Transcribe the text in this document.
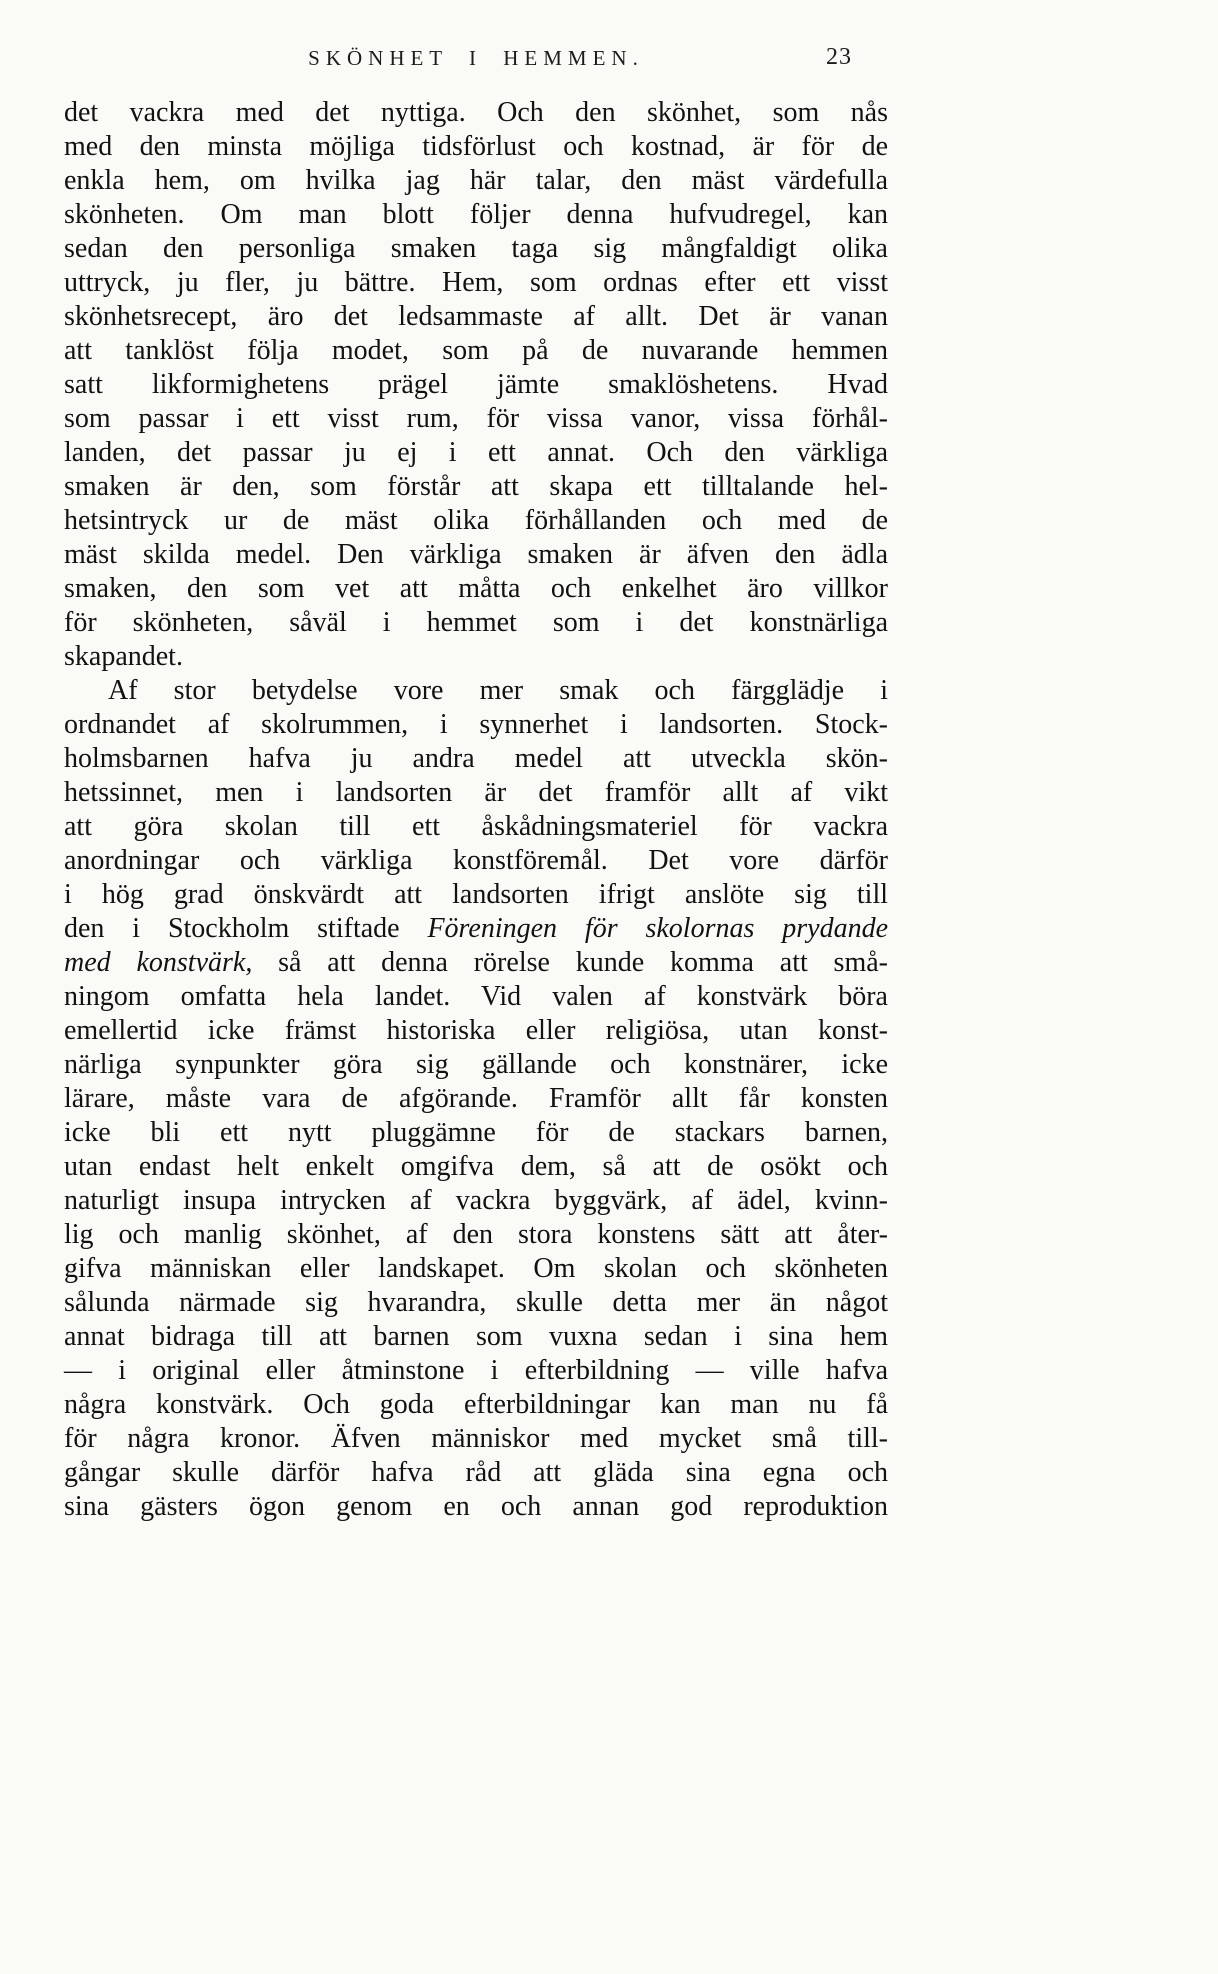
SKÖNHET I HEMMEN.	23
det vackra med det nyttiga. Och den skönhet, som nås
med den minsta möjliga tidsförlust och kostnad, är för de
enkla hem, om hvilka jag här talar, den mäst värdefulla
skönheten. Om man blott följer denna hufvudregel, kan
sedan den personliga smaken taga sig mångfaldigt olika
uttryck, ju fler, ju bättre. Hem, som ordnas efter ett visst
skönhetsrecept, äro det ledsammaste af allt. Det är vanan
att tanklöst följa modet, som på de nuvarande hemmen
satt likformighetens prägel jämte smaklöshetens. Hvad
som passar i ett visst rum, för vissa vanor, vissa förhål-
landen, det passar ju ej i ett annat. Och den värkliga
smaken är den, som förstår att skapa ett tilltalande hel-
hetsintryck ur de mäst olika förhållanden och med de
mäst skilda medel. Den värkliga smaken är äfven den ädla
smaken, den som vet att måtta och enkelhet äro villkor
för skönheten, såväl i hemmet som i det konstnärliga
skapandet.
Af stor betydelse vore mer smak och färgglädje i
ordnandet af skolrummen, i synnerhet i landsorten. Stock-
holmsbarnen hafva ju andra medel att utveckla skön-
hetssinnet, men i landsorten är det framför allt af vikt
att göra skolan till ett åskådningsmateriel för vackra
anordningar och värkliga konstföremål. Det vore därför
i hög grad önskvärdt att landsorten ifrigt anslöte sig till
den i Stockholm stiftade Föreningen för skolornas prydande
med konstvärk, så att denna rörelse kunde komma att små-
ningom omfatta hela landet. Vid valen af konstvärk böra
emellertid icke främst historiska eller religiösa, utan konst-
närliga synpunkter göra sig gällande och konstnärer, icke
lärare, måste vara de afgörande. Framför allt får konsten
icke bli ett nytt pluggämne för de stackars barnen,
utan endast helt enkelt omgifva dem, så att de osökt och
naturligt insupa intrycken af vackra byggvärk, af ädel, kvinn-
lig och manlig skönhet, af den stora konstens sätt att åter-
gifva människan eller landskapet. Om skolan och skönheten
sålunda närmade sig hvarandra, skulle detta mer än något
annat bidraga till att barnen som vuxna sedan i sina hem
— i original eller åtminstone i efterbildning — ville hafva
några konstvärk. Och goda efterbildningar kan man nu få
för några kronor. Äfven människor med mycket små till-
gångar skulle därför hafva råd att gläda sina egna och
sina gästers ögon genom en och annan god reproduktion
